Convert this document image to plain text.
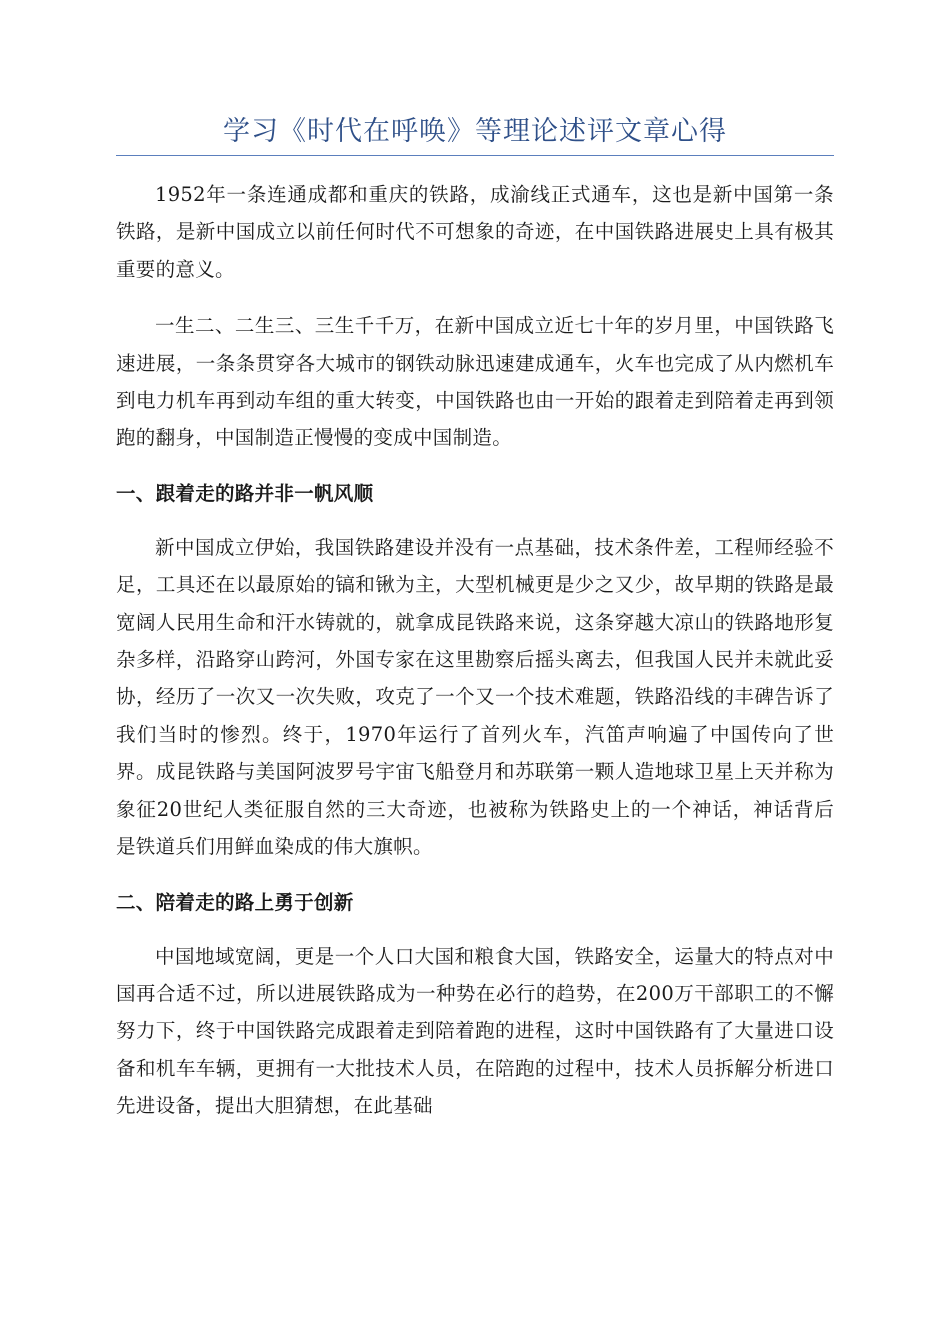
学习《时代在呼唤》等理论述评文章心得

1952年一条连通成都和重庆的铁路，成渝线正式通车，这也是新中国第一条铁路，是新中国成立以前任何时代不可想象的奇迹，在中国铁路进展史上具有极其重要的意义。

一生二、二生三、三生千千万，在新中国成立近七十年的岁月里，中国铁路飞速进展，一条条贯穿各大城市的钢铁动脉迅速建成通车，火车也完成了从内燃机车到电力机车再到动车组的重大转变，中国铁路也由一开始的跟着走到陪着走再到领跑的翻身，中国制造正慢慢的变成中国制造。

一、跟着走的路并非一帆风顺

新中国成立伊始，我国铁路建设并没有一点基础，技术条件差，工程师经验不足，工具还在以最原始的镐和锹为主，大型机械更是少之又少，故早期的铁路是最宽阔人民用生命和汗水铸就的，就拿成昆铁路来说，这条穿越大凉山的铁路地形复杂多样，沿路穿山跨河，外国专家在这里勘察后摇头离去，但我国人民并未就此妥协，经历了一次又一次失败，攻克了一个又一个技术难题，铁路沿线的丰碑告诉了我们当时的惨烈。终于，1970年运行了首列火车，汽笛声响遍了中国传向了世界。成昆铁路与美国阿波罗号宇宙飞船登月和苏联第一颗人造地球卫星上天并称为象征20世纪人类征服自然的三大奇迹，也被称为铁路史上的一个神话，神话背后是铁道兵们用鲜血染成的伟大旗帜。

二、陪着走的路上勇于创新

中国地域宽阔，更是一个人口大国和粮食大国，铁路安全，运量大的特点对中国再合适不过，所以进展铁路成为一种势在必行的趋势，在200万干部职工的不懈努力下，终于中国铁路完成跟着走到陪着跑的进程，这时中国铁路有了大量进口设备和机车车辆，更拥有一大批技术人员，在陪跑的过程中，技术人员拆解分析进口先进设备，提出大胆猜想，在此基础
